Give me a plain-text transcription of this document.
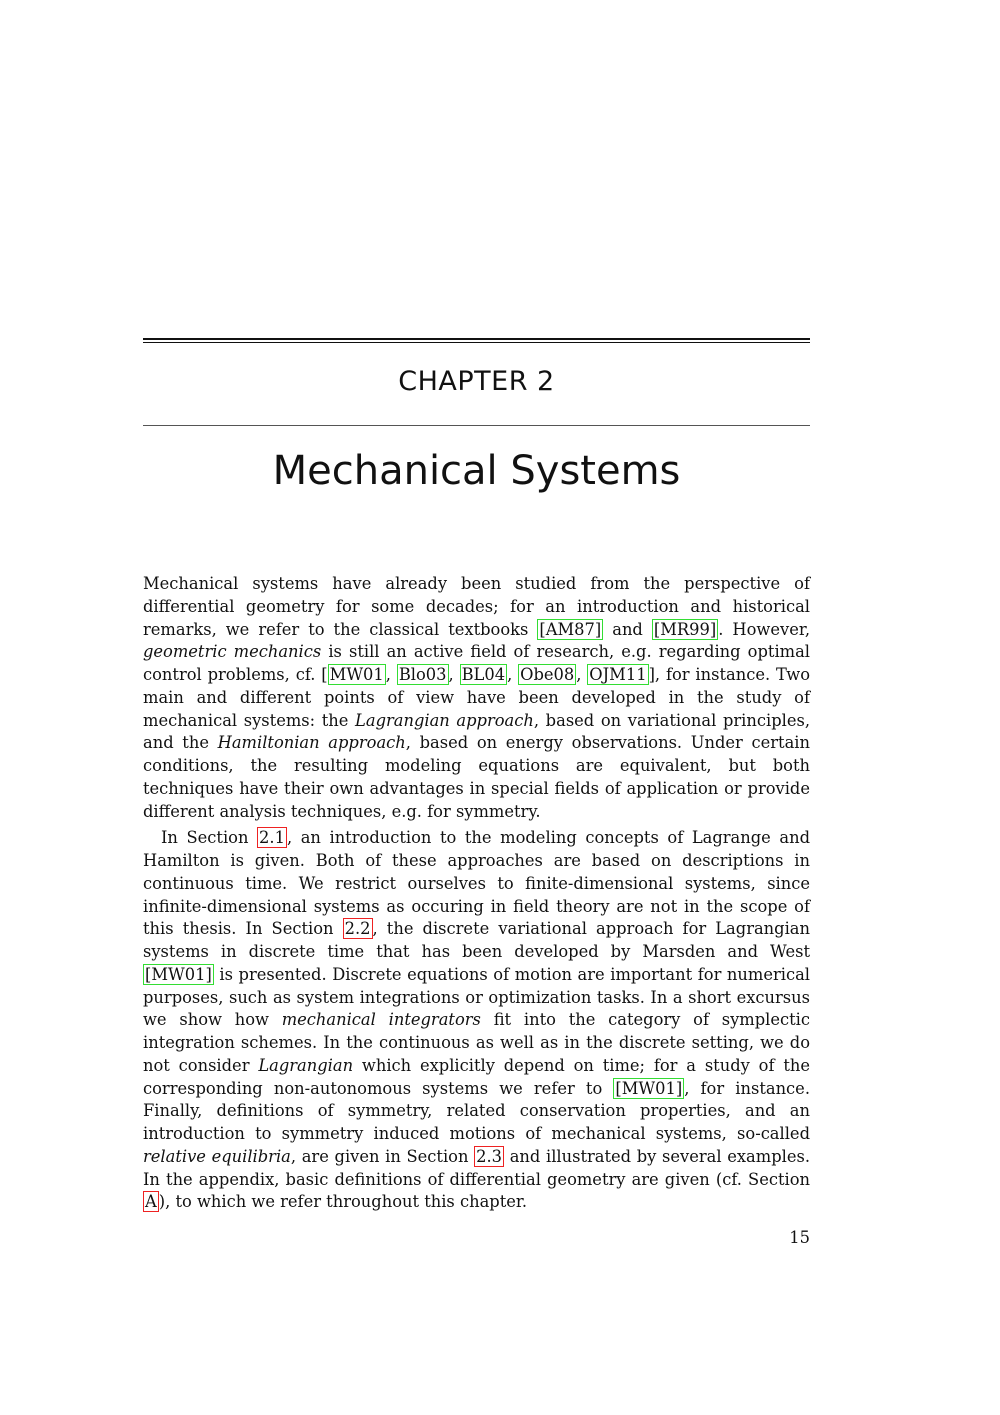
CHAPTER 2
Mechanical Systems

Mechanical systems have already been studied from the perspective of differential geometry for some decades; for an introduction and historical remarks, we refer to the classical textbooks [AM87] and [MR99] . However, geometric mechanics is still an active field of research, e.g. regarding optimal control problems, cf. [ MW01 , Blo03 , BL04 , Obe08 , OJM11 ], for instance. Two main and different points of view have been developed in the study of mechanical systems: the Lagrangian approach, based on variational principles, and the Hamiltonian approach, based on energy observations. Under certain conditions, the resulting modeling equations are equivalent, but both techniques have their own advantages in special fields of application or provide different analysis techniques, e.g. for symmetry.

In Section 2.1 , an introduction to the modeling concepts of Lagrange and Hamilton is given. Both of these approaches are based on descriptions in continuous time. We restrict ourselves to finite-dimensional systems, since infinite-dimensional systems as occuring in field theory are not in the scope of this thesis. In Section 2.2 , the discrete variational approach for Lagrangian systems in discrete time that has been developed by Marsden and West [MW01] is presented. Discrete equations of motion are important for numerical purposes, such as system integrations or optimization tasks. In a short excursus we show how mechanical integrators fit into the category of symplectic integration schemes. In the continuous as well as in the discrete setting, we do not consider Lagrangian which explicitly depend on time; for a study of the corresponding non-autonomous systems we refer to [MW01] , for instance. Finally, definitions of symmetry, related conservation properties, and an introduction to symmetry induced motions of mechanical systems, so-called relative equilibria, are given in Section 2.3 and illustrated by several examples. In the appendix, basic definitions of differential geometry are given (cf. Section A ), to which we refer throughout this chapter.

15
